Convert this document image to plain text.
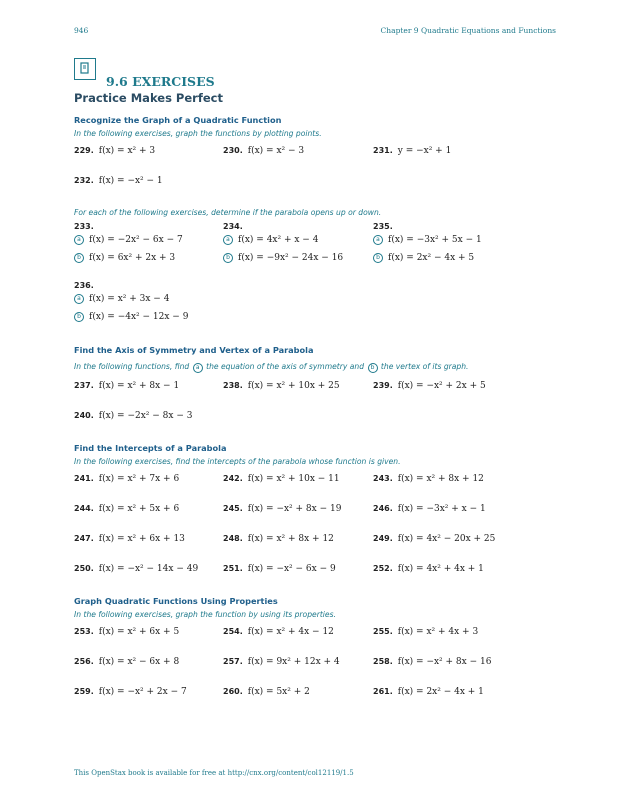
946	Chapter 9 Quadratic Equations and Functions
9.6 EXERCISES
Practice Makes Perfect
Recognize the Graph of a Quadratic Function
In the following exercises, graph the functions by plotting points.
229. f(x) = x² + 3	230. f(x) = x² − 3	231. y = −x² + 1
232. f(x) = −x² − 1
For each of the following exercises, determine if the parabola opens up or down.
233.
a f(x) = −2x² − 6x − 7
b f(x) = 6x² + 2x + 3
234.
a f(x) = 4x² + x − 4
b f(x) = −9x² − 24x − 16
235.
a f(x) = −3x² + 5x − 1
b f(x) = 2x² − 4x + 5
236.
a f(x) = x² + 3x − 4
b f(x) = −4x² − 12x − 9
Find the Axis of Symmetry and Vertex of a Parabola
In the following functions, find a the equation of the axis of symmetry and b the vertex of its graph.
237. f(x) = x² + 8x − 1	238. f(x) = x² + 10x + 25	239. f(x) = −x² + 2x + 5
240. f(x) = −2x² − 8x − 3
Find the Intercepts of a Parabola
In the following exercises, find the intercepts of the parabola whose function is given.
241. f(x) = x² + 7x + 6	242. f(x) = x² + 10x − 11	243. f(x) = x² + 8x + 12
244. f(x) = x² + 5x + 6	245. f(x) = −x² + 8x − 19	246. f(x) = −3x² + x − 1
247. f(x) = x² + 6x + 13	248. f(x) = x² + 8x + 12	249. f(x) = 4x² − 20x + 25
250. f(x) = −x² − 14x − 49	251. f(x) = −x² − 6x − 9	252. f(x) = 4x² + 4x + 1
Graph Quadratic Functions Using Properties
In the following exercises, graph the function by using its properties.
253. f(x) = x² + 6x + 5	254. f(x) = x² + 4x − 12	255. f(x) = x² + 4x + 3
256. f(x) = x² − 6x + 8	257. f(x) = 9x² + 12x + 4	258. f(x) = −x² + 8x − 16
259. f(x) = −x² + 2x − 7	260. f(x) = 5x² + 2	261. f(x) = 2x² − 4x + 1
This OpenStax book is available for free at http://cnx.org/content/col12119/1.5
